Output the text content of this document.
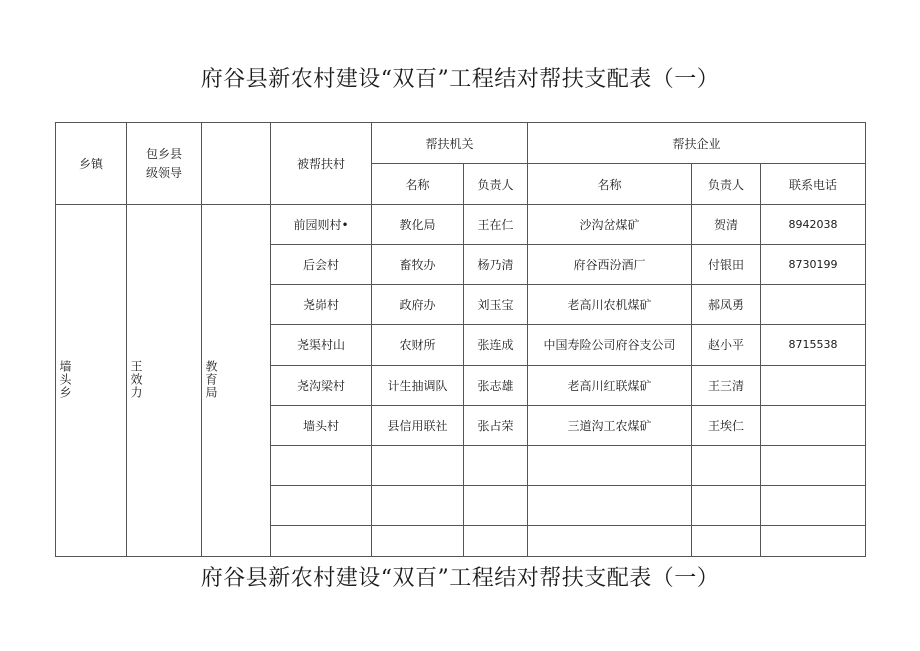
府谷县新农村建设“双百”工程结对帮扶支配表（一）
乡镇	包乡县
级领导		被帮扶村	帮扶机关		帮扶企业		
				名称	负责人	名称	负责人	联系电话
墙头乡	王效力	教育局	前园则村•	教化局	王在仁	沙沟岔煤矿	贺清	8942038
			后会村	畜牧办	杨乃清	府谷西汾酒厂	付银田	8730199
			尧峁村	政府办	刘玉宝	老高川农机煤矿	郝凤勇	
			尧渠村山	农财所	张连成	中国寿险公司府谷支公司	赵小平	8715538
			尧沟梁村	计生抽调队	张志雄	老高川红联煤矿	王三清	
			墙头村	县信用联社	张占荣	三道沟工农煤矿	王埃仁	

府谷县新农村建设“双百”工程结对帮扶支配表（一）
